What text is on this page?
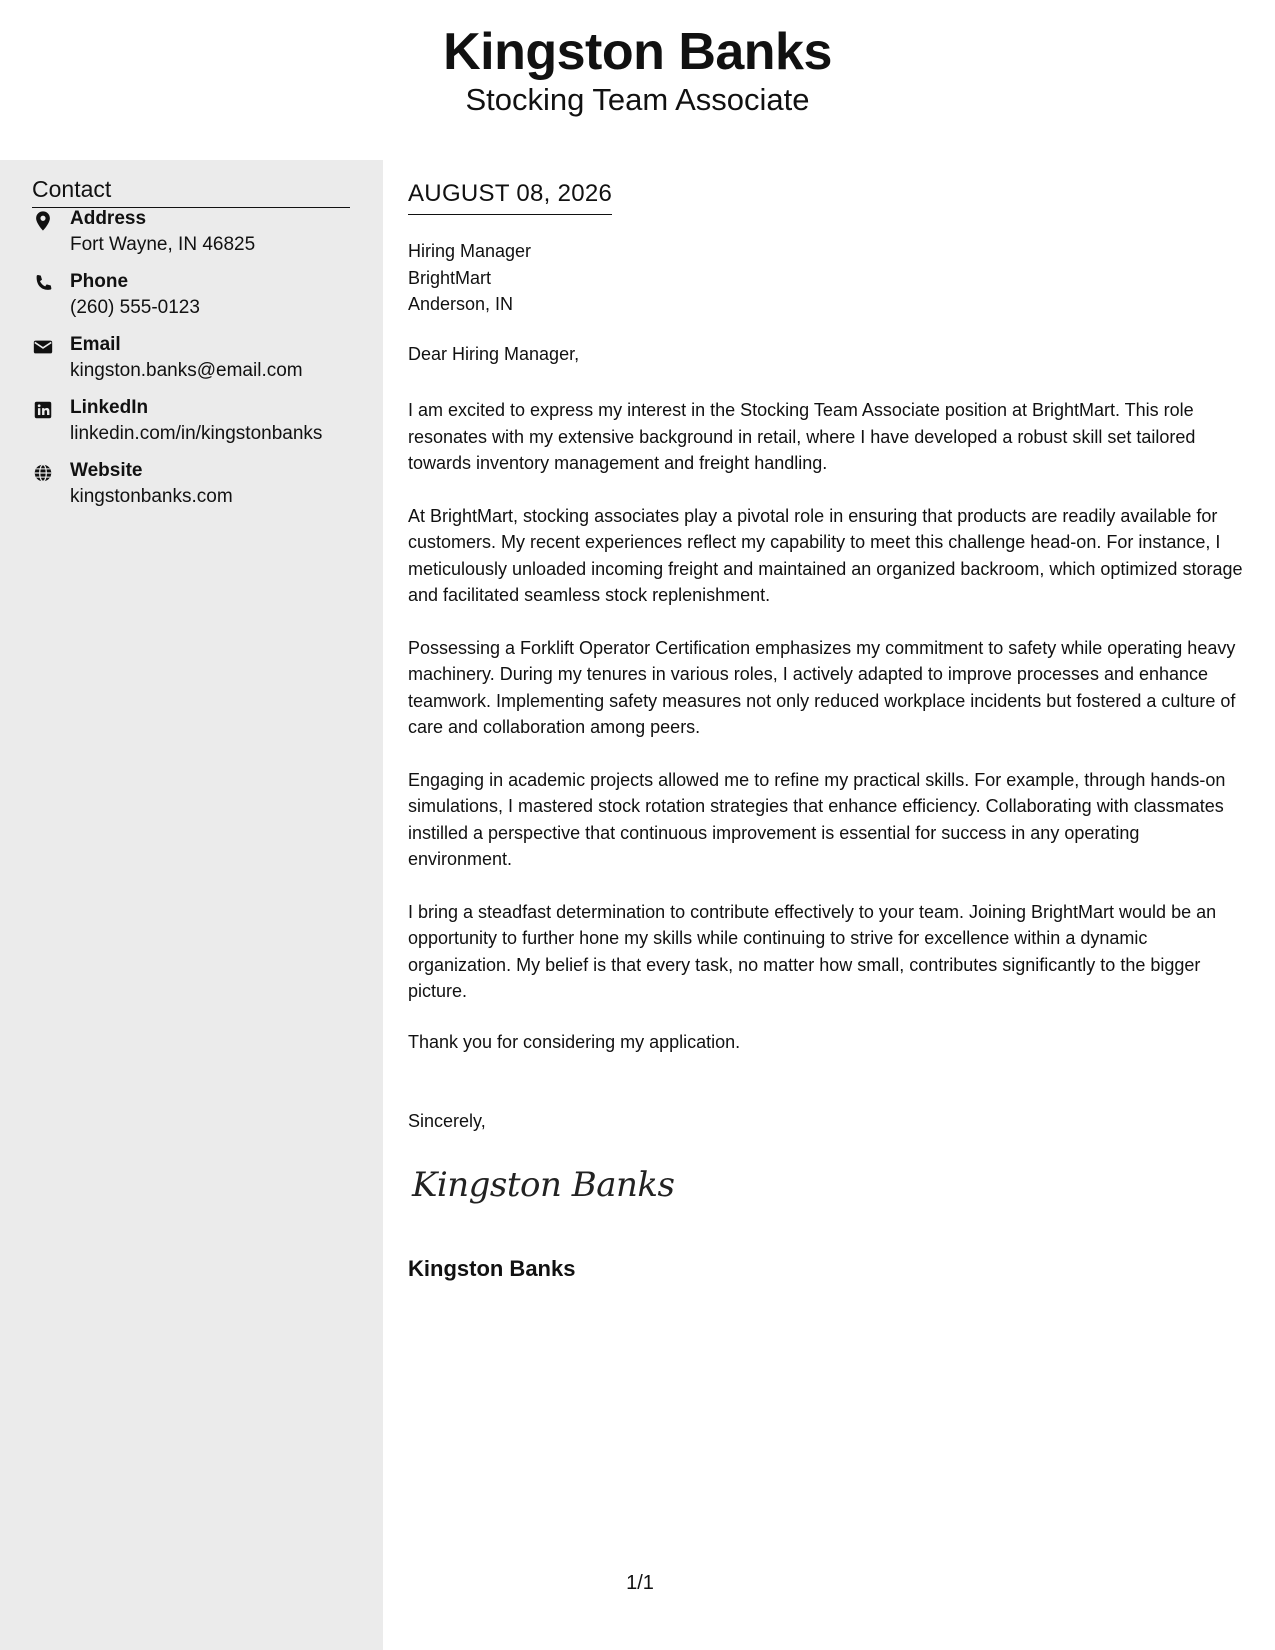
Kingston Banks
Stocking Team Associate
Contact
Address
Fort Wayne, IN 46825
Phone
(260) 555-0123
Email
kingston.banks@email.com
LinkedIn
linkedin.com/in/kingstonbanks
Website
kingstonbanks.com
AUGUST 08, 2026
Hiring Manager
BrightMart
Anderson, IN
Dear Hiring Manager,

I am excited to express my interest in the Stocking Team Associate position at BrightMart. This role resonates with my extensive background in retail, where I have developed a robust skill set tailored towards inventory management and freight handling.

At BrightMart, stocking associates play a pivotal role in ensuring that products are readily available for customers. My recent experiences reflect my capability to meet this challenge head-on. For instance, I meticulously unloaded incoming freight and maintained an organized backroom, which optimized storage and facilitated seamless stock replenishment.

Possessing a Forklift Operator Certification emphasizes my commitment to safety while operating heavy machinery. During my tenures in various roles, I actively adapted to improve processes and enhance teamwork. Implementing safety measures not only reduced workplace incidents but fostered a culture of care and collaboration among peers.

Engaging in academic projects allowed me to refine my practical skills. For example, through hands-on simulations, I mastered stock rotation strategies that enhance efficiency. Collaborating with classmates instilled a perspective that continuous improvement is essential for success in any operating environment.

I bring a steadfast determination to contribute effectively to your team. Joining BrightMart would be an opportunity to further hone my skills while continuing to strive for excellence within a dynamic organization. My belief is that every task, no matter how small, contributes significantly to the bigger picture.

Thank you for considering my application.
Sincerely,
Kingston Banks
Kingston Banks
1/1
